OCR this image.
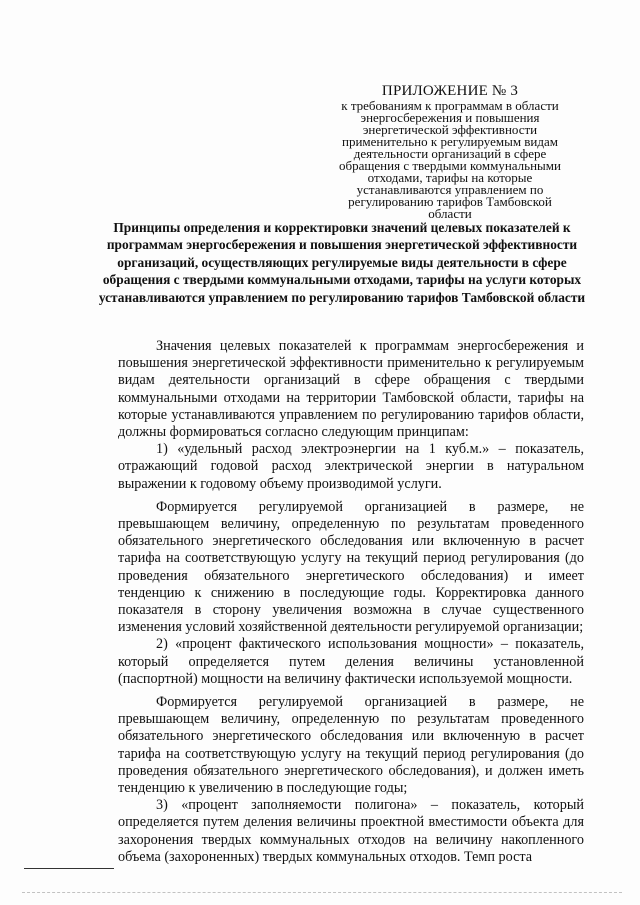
ПРИЛОЖЕНИЕ № 3
к требованиям к программам в области
энергосбережения и повышения
энергетической эффективности
применительно к регулируемым видам
деятельности организаций в сфере
обращения с твердыми коммунальными
отходами, тарифы на которые
устанавливаются управлением по
регулированию тарифов Тамбовской
области
Принципы определения и корректировки значений целевых показателей к программам энергосбережения и повышения энергетической эффективности организаций, осуществляющих регулируемые виды деятельности в сфере обращения с твердыми коммунальными отходами, тарифы на услуги которых устанавливаются управлением по регулированию тарифов Тамбовской области

Значения целевых показателей к программам энергосбережения и повышения энергетической эффективности применительно к регулируемым видам деятельности организаций в сфере обращения с твердыми коммунальными отходами на территории Тамбовской области, тарифы на которые устанавливаются управлением по регулированию тарифов области, должны формироваться согласно следующим принципам:

1) «удельный расход электроэнергии на 1 куб.м.» – показатель, отражающий годовой расход электрической энергии в натуральном выражении к годовому объему производимой услуги.

Формируется регулируемой организацией в размере, не превышающем величину, определенную по результатам проведенного обязательного энергетического обследования или включенную в расчет тарифа на соответствующую услугу на текущий период регулирования (до проведения обязательного энергетического обследования) и имеет тенденцию к снижению в последующие годы. Корректировка данного показателя в сторону увеличения возможна в случае существенного изменения условий хозяйственной деятельности регулируемой организации;

2) «процент фактического использования мощности» – показатель, который определяется путем деления величины установленной (паспортной) мощности на величину фактически используемой мощности.

Формируется регулируемой организацией в размере, не превышающем величину, определенную по результатам проведенного обязательного энергетического обследования или включенную в расчет тарифа на соответствующую услугу на текущий период регулирования (до проведения обязательного энергетического обследования), и должен иметь тенденцию к увеличению в последующие годы;

3) «процент заполняемости полигона» – показатель, который определяется путем деления величины проектной вместимости объекта для захоронения твердых коммунальных отходов на величину накопленного объема (захороненных) твердых коммунальных отходов. Темп роста
